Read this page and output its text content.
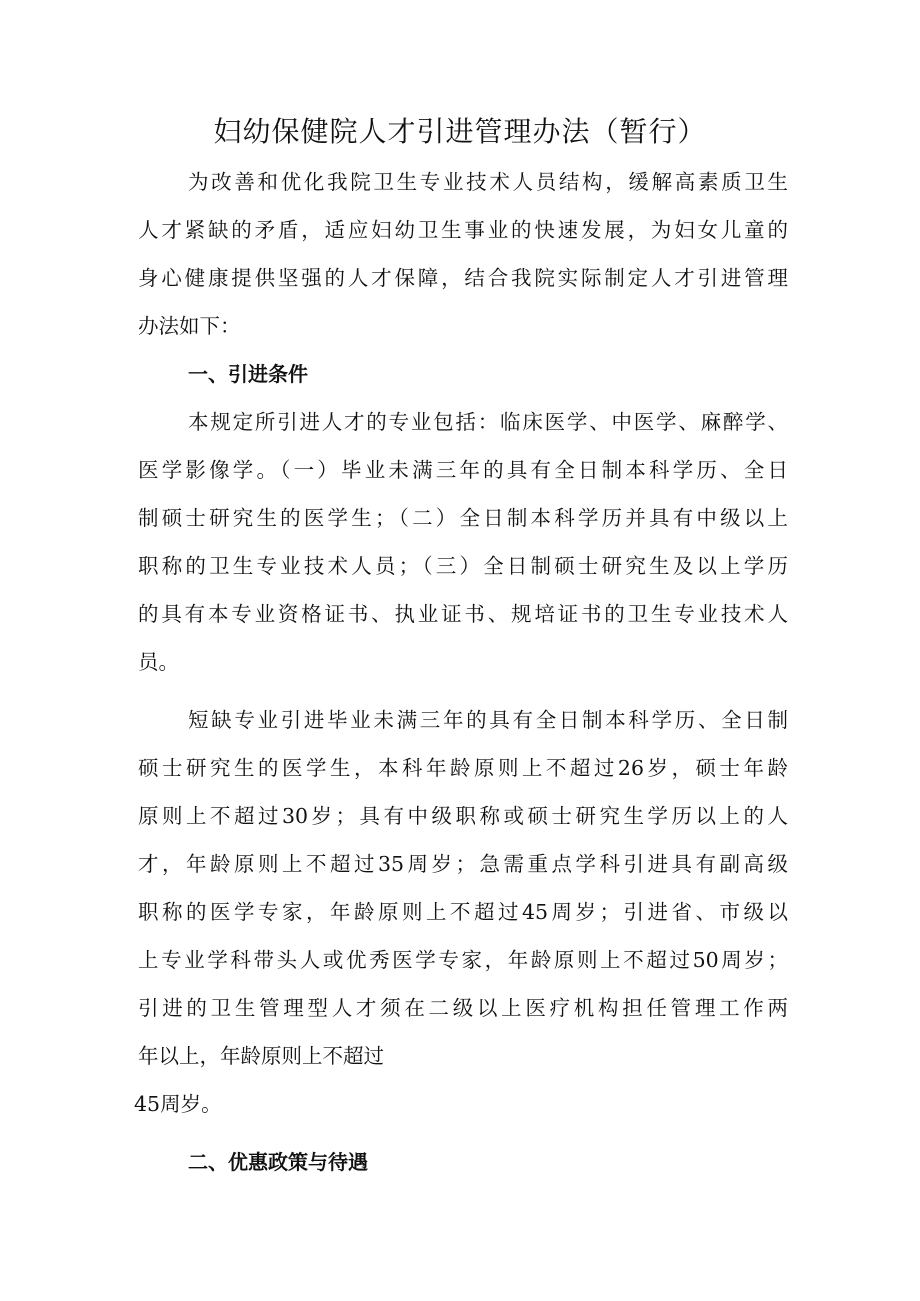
妇幼保健院人才引进管理办法（暂行）
为改善和优化我院卫生专业技术人员结构，缓解高素质卫生
人才紧缺的矛盾，适应妇幼卫生事业的快速发展，为妇女儿童的
身心健康提供坚强的人才保障，结合我院实际制定人才引进管理
办法如下：
一、引进条件
本规定所引进人才的专业包括：临床医学、中医学、麻醉学、
医学影像学。（一）毕业未满三年的具有全日制本科学历、全日
制硕士研究生的医学生；（二）全日制本科学历并具有中级以上
职称的卫生专业技术人员；（三）全日制硕士研究生及以上学历
的具有本专业资格证书、执业证书、规培证书的卫生专业技术人
员。
短缺专业引进毕业未满三年的具有全日制本科学历、全日制
硕士研究生的医学生，本科年龄原则上不超过26岁，硕士年龄
原则上不超过30岁；具有中级职称或硕士研究生学历以上的人
才，年龄原则上不超过35周岁；急需重点学科引进具有副高级
职称的医学专家，年龄原则上不超过45周岁；引进省、市级以
上专业学科带头人或优秀医学专家，年龄原则上不超过50周岁；
引进的卫生管理型人才须在二级以上医疗机构担任管理工作两
年以上，年龄原则上不超过
45周岁。
二、优惠政策与待遇
